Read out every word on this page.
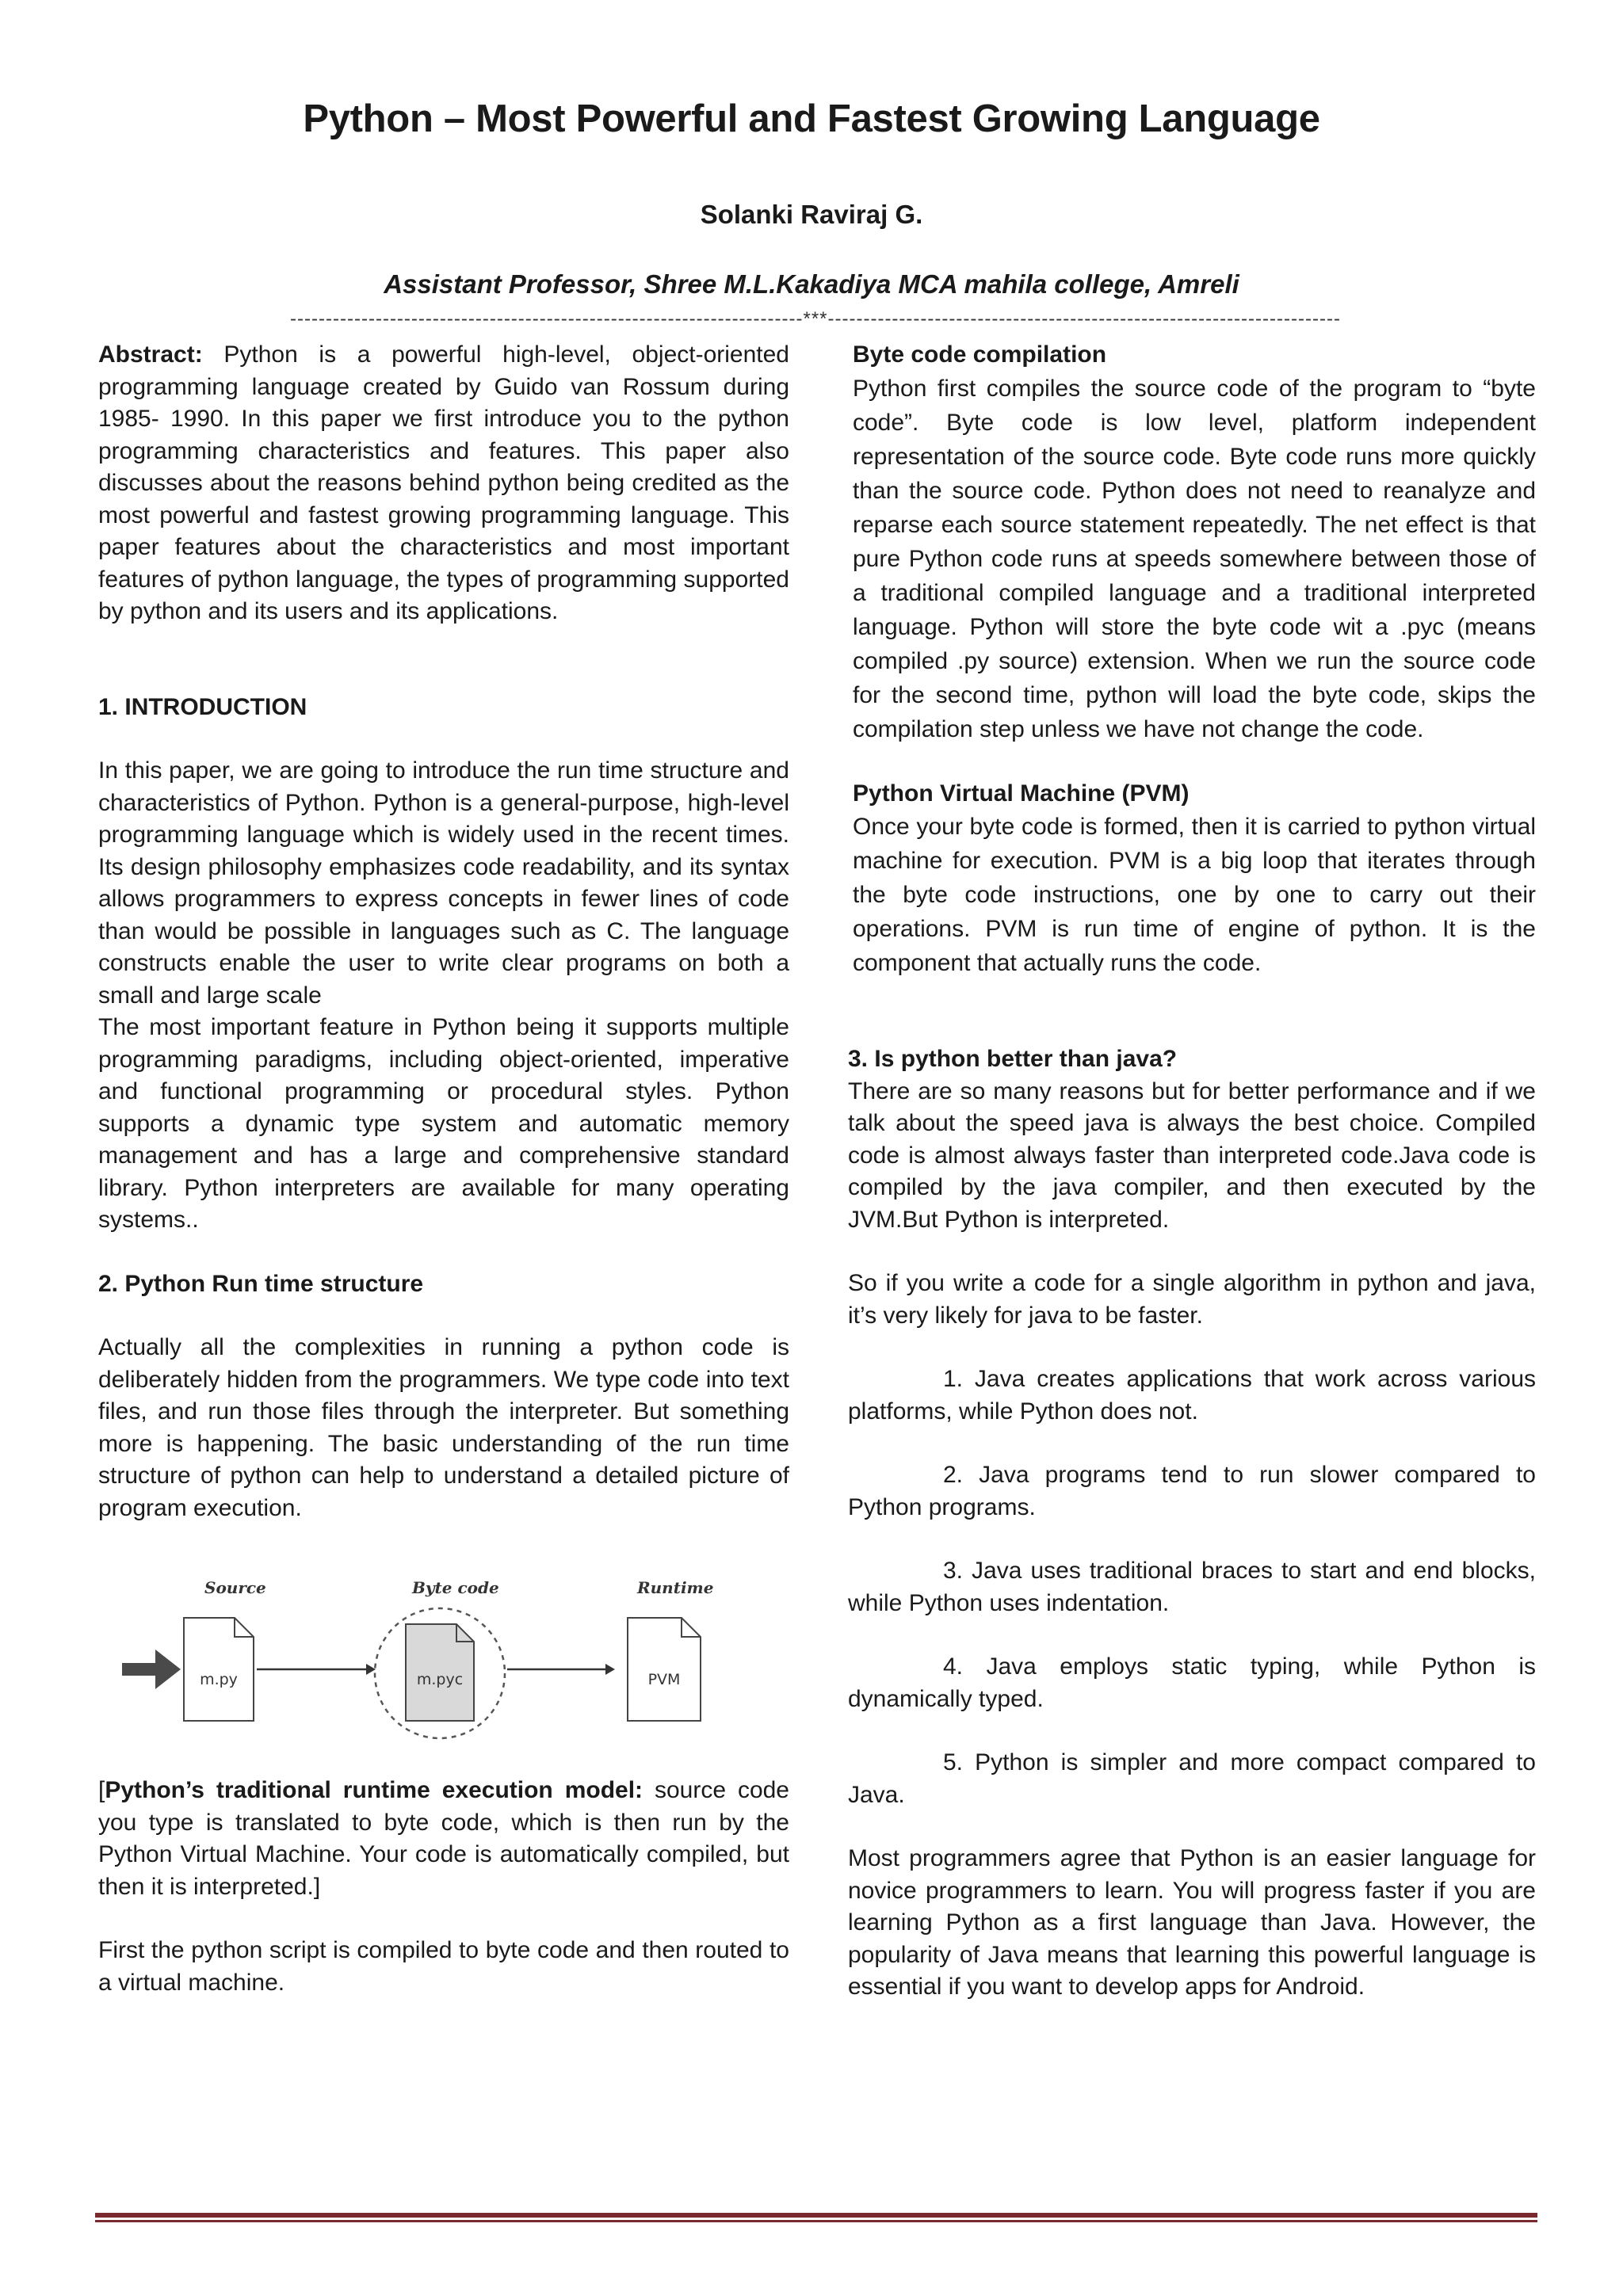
Python – Most Powerful and Fastest Growing Language
Solanki Raviraj G.
Assistant Professor, Shree M.L.Kakadiya MCA mahila college, Amreli
------------------------------------------------------------------------***------------------------------------------------------------------------

Abstract: Python is a powerful high-level, object-oriented programming language created by Guido van Rossum during 1985- 1990. In this paper we first introduce you to the python programming characteristics and features. This paper also discusses about the reasons behind python being credited as the most powerful and fastest growing programming language. This paper features about the characteristics and most important features of python language, the types of programming supported by python and its users and its applications.

1. INTRODUCTION

In this paper, we are going to introduce the run time structure and characteristics of Python. Python is a general-purpose, high-level programming language which is widely used in the recent times. Its design philosophy emphasizes code readability, and its syntax allows programmers to express concepts in fewer lines of code than would be possible in languages such as C. The language constructs enable the user to write clear programs on both a small and large scale

The most important feature in Python being it supports multiple programming paradigms, including object-oriented, imperative and functional programming or procedural styles. Python supports a dynamic type system and automatic memory management and has a large and comprehensive standard library. Python interpreters are available for many operating systems..

2. Python Run time structure

Actually all the complexities in running a python code is deliberately hidden from the programmers. We type code into text files, and run those files through the interpreter. But something more is happening. The basic understanding of the run time structure of python can help to understand a detailed picture of program execution.

Source	Byte code	Runtime
m.py	m.pyc	PVM

[Python’s traditional runtime execution model: source code you type is translated to byte code, which is then run by the Python Virtual Machine. Your code is automatically compiled, but then it is interpreted.]

First the python script is compiled to byte code and then routed to a virtual machine.

Byte code compilation

Python first compiles the source code of the program to “byte code”. Byte code is low level, platform independent representation of the source code. Byte code runs more quickly than the source code. Python does not need to reanalyze and reparse each source statement repeatedly. The net effect is that pure Python code runs at speeds somewhere between those of a traditional compiled language and a traditional interpreted language. Python will store the byte code wit a .pyc (means compiled .py source) extension. When we run the source code for the second time, python will load the byte code, skips the compilation step unless we have not change the code.

Python Virtual Machine (PVM)

Once your byte code is formed, then it is carried to python virtual machine for execution. PVM is a big loop that iterates through the byte code instructions, one by one to carry out their operations. PVM is run time of engine of python. It is the component that actually runs the code.

3. Is python better than java?

There are so many reasons but for better performance and if we talk about the speed java is always the best choice. Compiled code is almost always faster than interpreted code.Java code is compiled by the java compiler, and then executed by the JVM.But Python is interpreted.

So if you write a code for a single algorithm in python and java, it’s very likely for java to be faster.

1. Java creates applications that work across various platforms, while Python does not.

2. Java programs tend to run slower compared to Python programs.

3. Java uses traditional braces to start and end blocks, while Python uses indentation.

4. Java employs static typing, while Python is dynamically typed.

5. Python is simpler and more compact compared to Java.

Most programmers agree that Python is an easier language for novice programmers to learn. You will progress faster if you are learning Python as a first language than Java. However, the popularity of Java means that learning this powerful language is essential if you want to develop apps for Android.
